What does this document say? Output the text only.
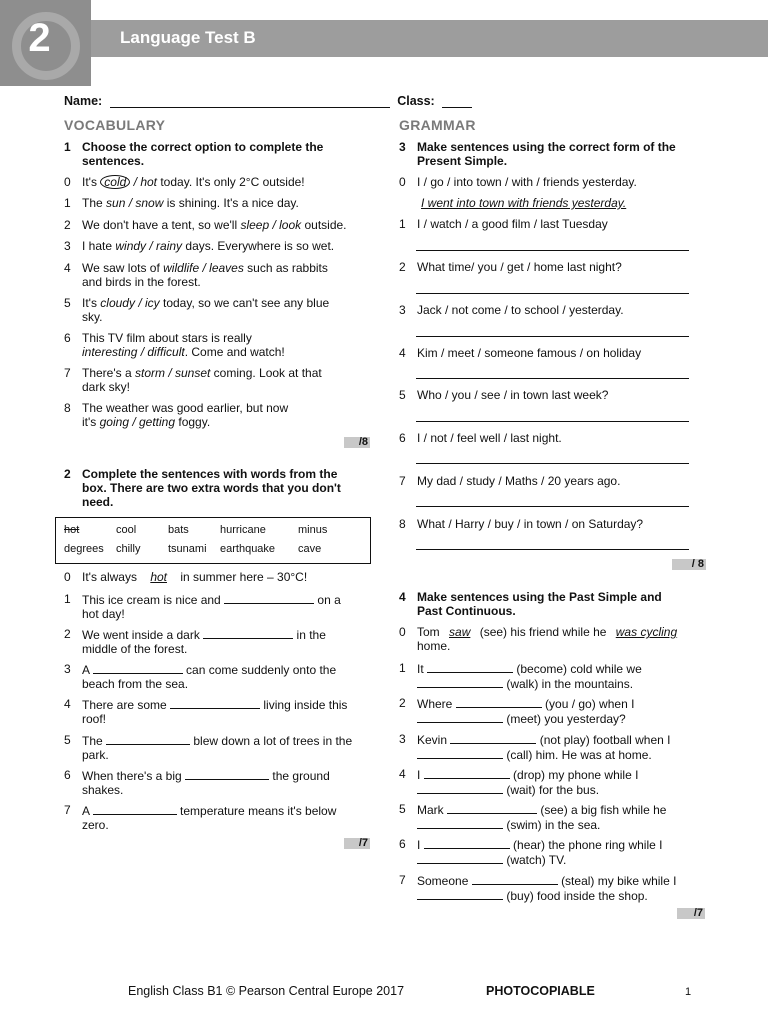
2	Language Test B
Name:	Class:
VOCABULARY
1 Choose the correct option to complete the
sentences.
0 It's cold / hot today. It's only 2°C outside!
1 The sun / snow is shining. It's a nice day.
2 We don't have a tent, so we'll sleep / look outside.
3 I hate windy / rainy days. Everywhere is so wet.
4 We saw lots of wildlife / leaves such as rabbits
and birds in the forest.
5 It's cloudy / icy today, so we can't see any blue
sky.
6 This TV film about stars is really
interesting / difficult. Come and watch!
7 There's a storm / sunset coming. Look at that
dark sky!
8 The weather was good earlier, but now
it's going / getting foggy.
/8
2 Complete the sentences with words from the
box. There are two extra words that you don't
need.
hot	cool	bats	hurricane	minus
degrees chilly	tsunami earthquake cave
0 It's always hot in summer here – 30°C!
1 This ice cream is nice and	on a
hot day!
2 We went inside a dark	in the
middle of the forest.
3 A	can come suddenly onto the
beach from the sea.
4 There are some	living inside this
roof!
5 The	blew down a lot of trees in the
park.
6 When there's a big	the ground
shakes.
7 A	temperature means it's below
zero.
/7
GRAMMAR
3 Make sentences using the correct form of the
Present Simple.
0 I / go / into town / with / friends yesterday.
I went into town with friends yesterday.
1 I / watch / a good film / last Tuesday
2 What time/ you / get / home last night?
3 Jack / not come / to school / yesterday.
4 Kim / meet / someone famous / on holiday
5 Who / you / see / in town last week?
6 I / not / feel well / last night.
7 My dad / study / Maths / 20 years ago.
8 What / Harry / buy / in town / on Saturday?
/ 8
4 Make sentences using the Past Simple and
Past Continuous.
0 Tom saw (see) his friend while he was cycling
home.
1 It	(become) cold while we
(walk) in the mountains.
2 Where	(you / go) when I
(meet) you yesterday?
3 Kevin	(not play) football when I
(call) him. He was at home.
4 I	(drop) my phone while I
(wait) for the bus.
5 Mark	(see) a big fish while he
(swim) in the sea.
6 I	(hear) the phone ring while I
(watch) TV.
7 Someone	(steal) my bike while I
(buy) food inside the shop.
/7
English Class B1 © Pearson Central Europe 2017	PHOTOCOPIABLE	1
